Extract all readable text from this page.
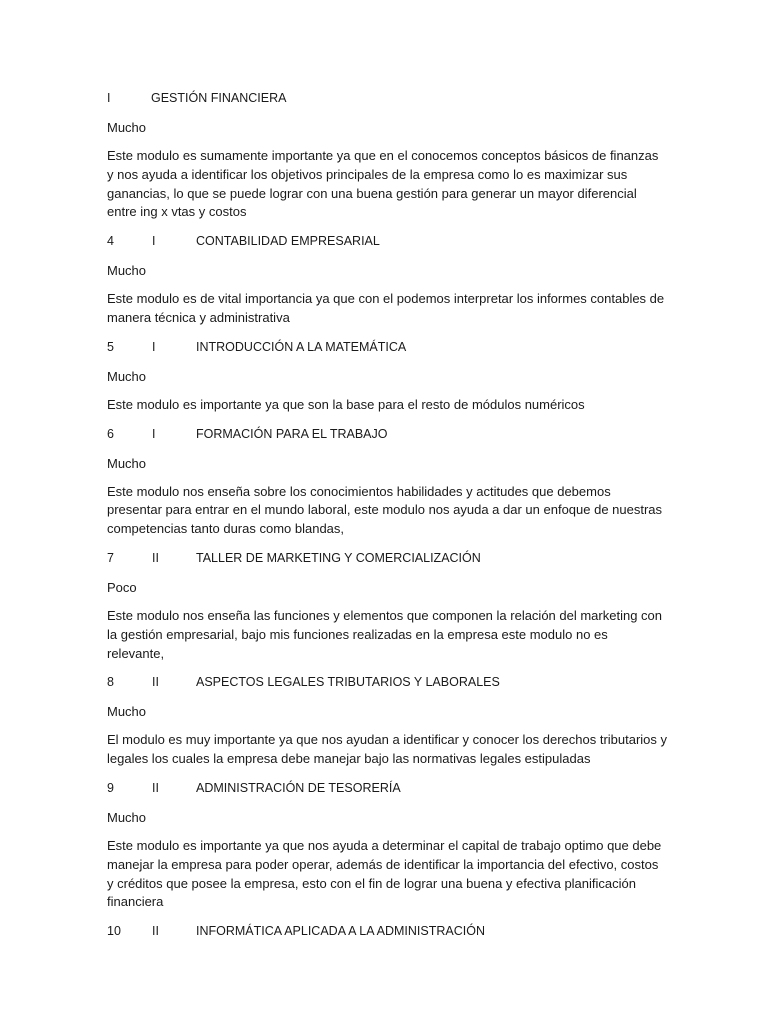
I	GESTIÓN FINANCIERA
Mucho
Este modulo es sumamente importante ya que en el conocemos conceptos básicos de finanzas y nos ayuda a identificar los objetivos principales de la empresa como lo es maximizar sus ganancias, lo que se puede lograr con una buena gestión para generar un mayor diferencial entre ing x vtas y costos
4	I	CONTABILIDAD EMPRESARIAL
Mucho
Este modulo es de vital importancia ya que con el podemos interpretar los informes contables de manera técnica y administrativa
5	I	INTRODUCCIÓN A LA MATEMÁTICA
Mucho
Este modulo es importante ya que son la base para el resto de módulos numéricos
6	I	FORMACIÓN PARA EL TRABAJO
Mucho
Este modulo nos enseña sobre los conocimientos habilidades y actitudes que debemos presentar para entrar en el mundo laboral, este modulo nos ayuda a dar un enfoque de nuestras competencias tanto duras como blandas,
7	II	TALLER DE MARKETING Y COMERCIALIZACIÓN
Poco
Este modulo nos enseña las funciones y elementos que componen la relación del marketing con la gestión empresarial, bajo mis funciones realizadas en la empresa este modulo no es relevante,
8	II	ASPECTOS LEGALES TRIBUTARIOS Y LABORALES
Mucho
El modulo es muy importante ya que nos ayudan a identificar y conocer los derechos tributarios y legales los cuales la empresa debe manejar bajo las normativas legales estipuladas
9	II	ADMINISTRACIÓN DE TESORERÍA
Mucho
Este modulo es importante ya que nos ayuda a determinar el capital de trabajo optimo que debe manejar la empresa para poder operar, además de identificar la importancia del efectivo, costos y créditos que posee la empresa, esto con el fin de lograr una buena y efectiva planificación financiera
10 II	INFORMÁTICA APLICADA A LA ADMINISTRACIÓN
